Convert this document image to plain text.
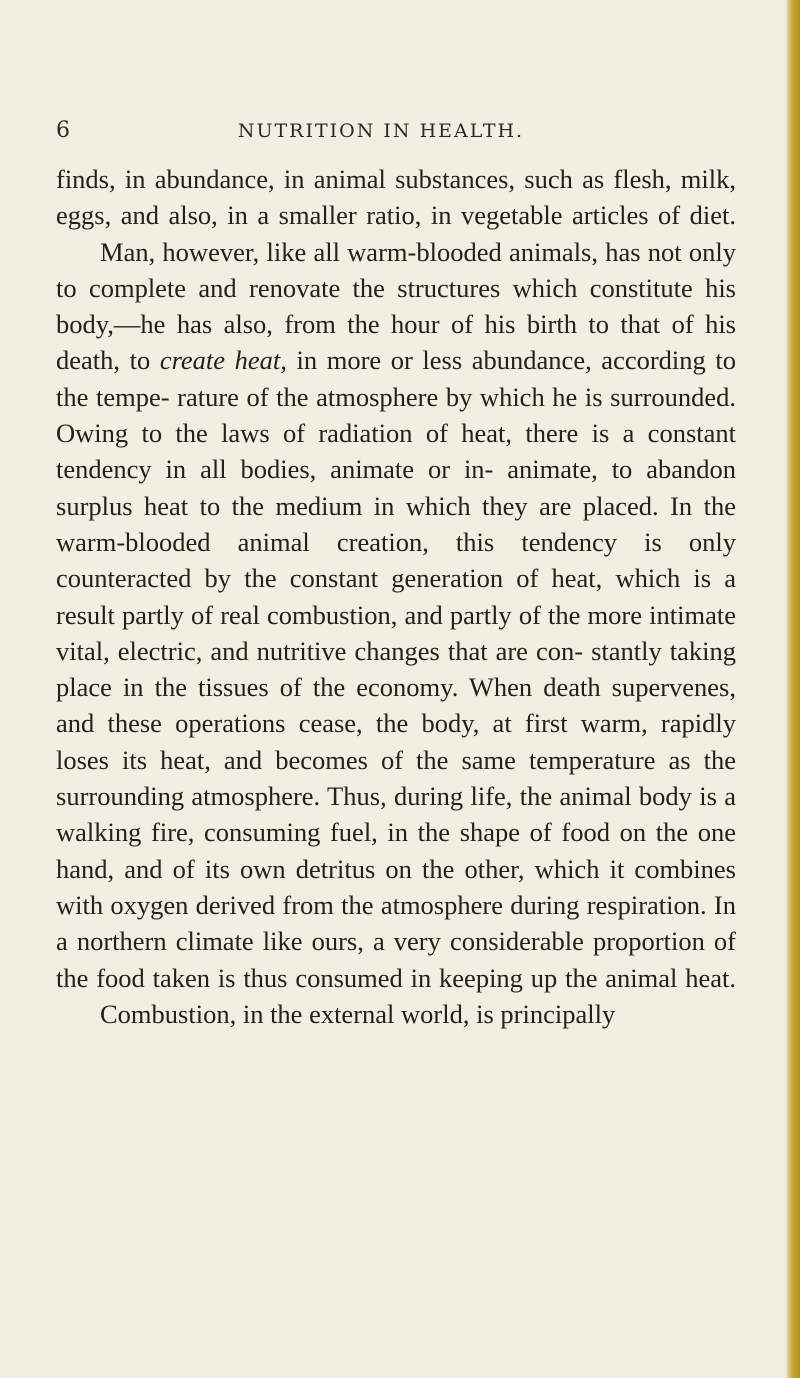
6	NUTRITION IN HEALTH.

finds, in abundance, in animal substances, such as flesh, milk, eggs, and also, in a smaller ratio, in vegetable articles of diet.

Man, however, like all warm-blooded animals, has not only to complete and renovate the structures which constitute his body,—he has also, from the hour of his birth to that of his death, to create heat, in more or less abundance, according to the tempe- rature of the atmosphere by which he is surrounded. Owing to the laws of radiation of heat, there is a constant tendency in all bodies, animate or in- animate, to abandon surplus heat to the medium in which they are placed. In the warm-blooded animal creation, this tendency is only counteracted by the constant generation of heat, which is a result partly of real combustion, and partly of the more intimate vital, electric, and nutritive changes that are con- stantly taking place in the tissues of the economy. When death supervenes, and these operations cease, the body, at first warm, rapidly loses its heat, and becomes of the same temperature as the surrounding atmosphere. Thus, during life, the animal body is a walking fire, consuming fuel, in the shape of food on the one hand, and of its own detritus on the other, which it combines with oxygen derived from the atmosphere during respiration. In a northern climate like ours, a very considerable proportion of the food taken is thus consumed in keeping up the animal heat.

Combustion, in the external world, is principally
